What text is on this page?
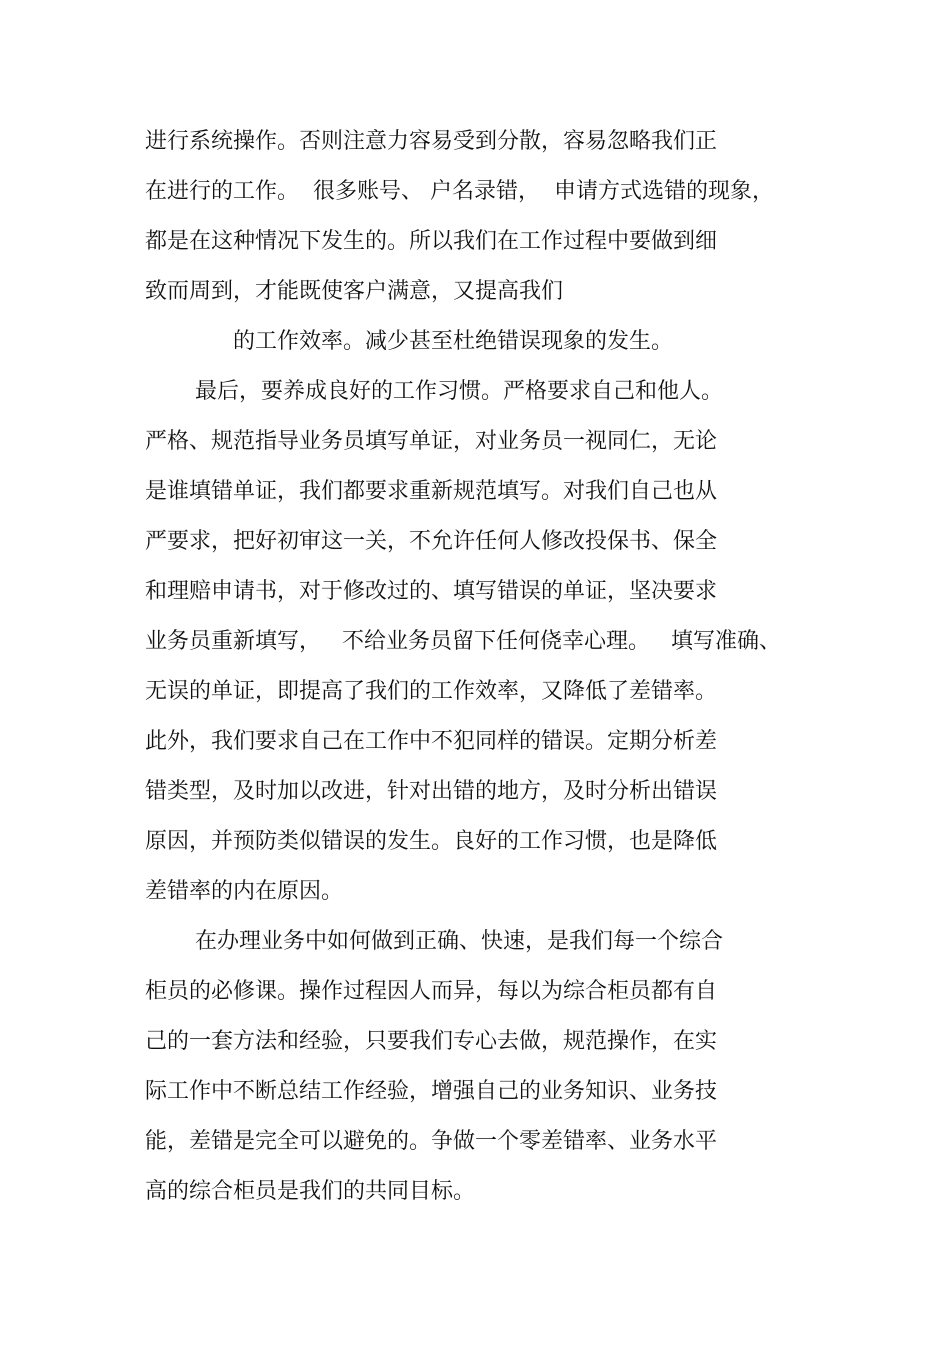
进行系统操作。否则注意力容易受到分散，容易忽略我们正
在进行的工作。  很多账号、 户名录错，  申请方式选错的现象，
都是在这种情况下发生的。所以我们在工作过程中要做到细
致而周到，才能既使客户满意，又提高我们
的工作效率。减少甚至杜绝错误现象的发生。
最后，要养成良好的工作习惯。严格要求自己和他人。
严格、规范指导业务员填写单证，对业务员一视同仁，无论
是谁填错单证，我们都要求重新规范填写。对我们自己也从
严要求，把好初审这一关，不允许任何人修改投保书、保全
和理赔申请书，对于修改过的、填写错误的单证，坚决要求
业务员重新填写，   不给业务员留下任何侥幸心理。   填写准确、
无误的单证，即提高了我们的工作效率，又降低了差错率。
此外，我们要求自己在工作中不犯同样的错误。定期分析差
错类型，及时加以改进，针对出错的地方，及时分析出错误
原因，并预防类似错误的发生。良好的工作习惯，也是降低
差错率的内在原因。
在办理业务中如何做到正确、快速，是我们每一个综合
柜员的必修课。操作过程因人而异，每以为综合柜员都有自
己的一套方法和经验，只要我们专心去做，规范操作，在实
际工作中不断总结工作经验，增强自己的业务知识、业务技
能，差错是完全可以避免的。争做一个零差错率、业务水平
高的综合柜员是我们的共同目标。
